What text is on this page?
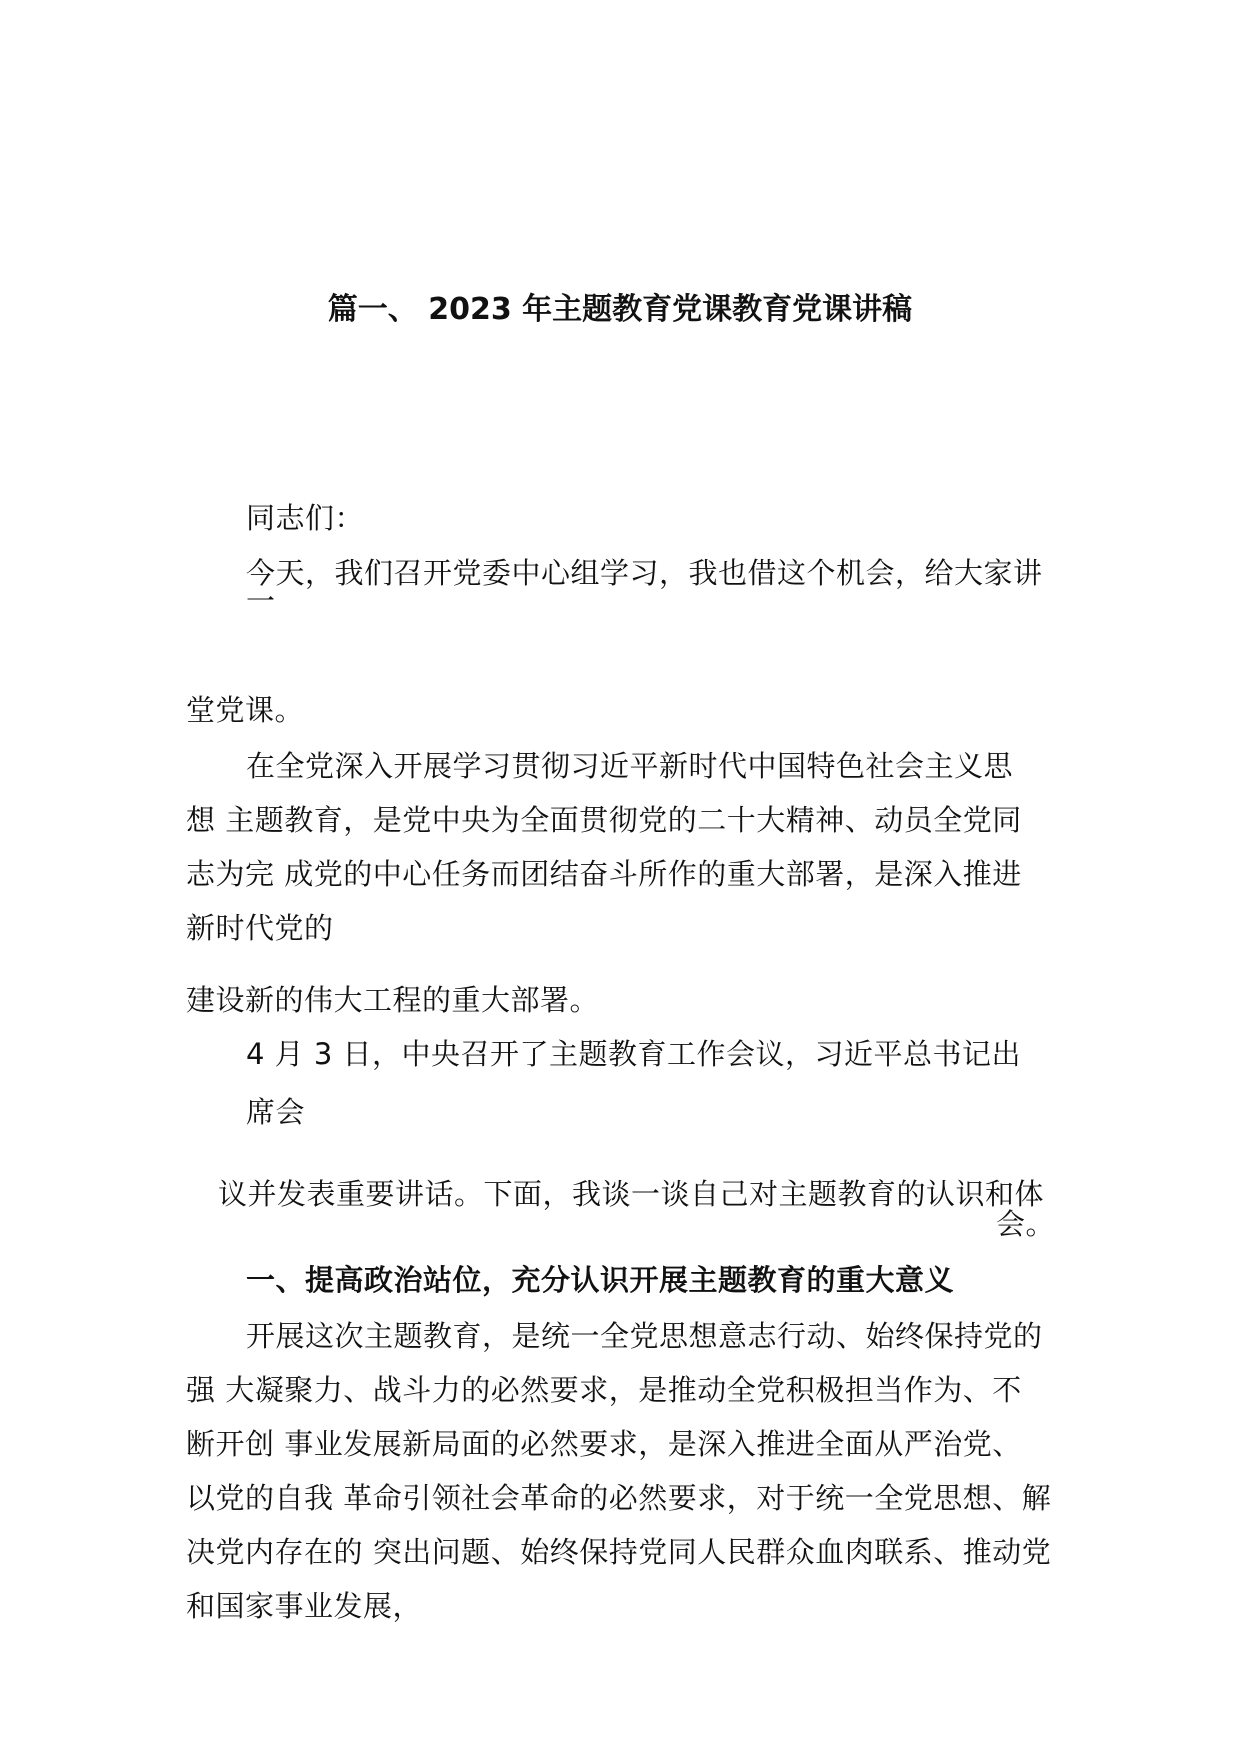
篇一、 2023 年主题教育党课教育党课讲稿
同志们：
今天，我们召开党委中心组学习，我也借这个机会，给大家讲
一
堂党课。
在全党深入开展学习贯彻习近平新时代中国特色社会主义思
想 主题教育，是党中央为全面贯彻党的二十大精神、动员全党同
志为完 成党的中心任务而团结奋斗所作的重大部署，是深入推进
新时代党的
建设新的伟大工程的重大部署。
4 月 3 日，中央召开了主题教育工作会议，习近平总书记出
席会
议并发表重要讲话。下面，我谈一谈自己对主题教育的认识和体
会。
一、提高政治站位，充分认识开展主题教育的重大意义
开展这次主题教育，是统一全党思想意志行动、始终保持党的
强 大凝聚力、战斗力的必然要求，是推动全党积极担当作为、不
断开创 事业发展新局面的必然要求，是深入推进全面从严治党、
以党的自我 革命引领社会革命的必然要求，对于统一全党思想、解
决党内存在的 突出问题、始终保持党同人民群众血肉联系、推动党
和国家事业发展，
